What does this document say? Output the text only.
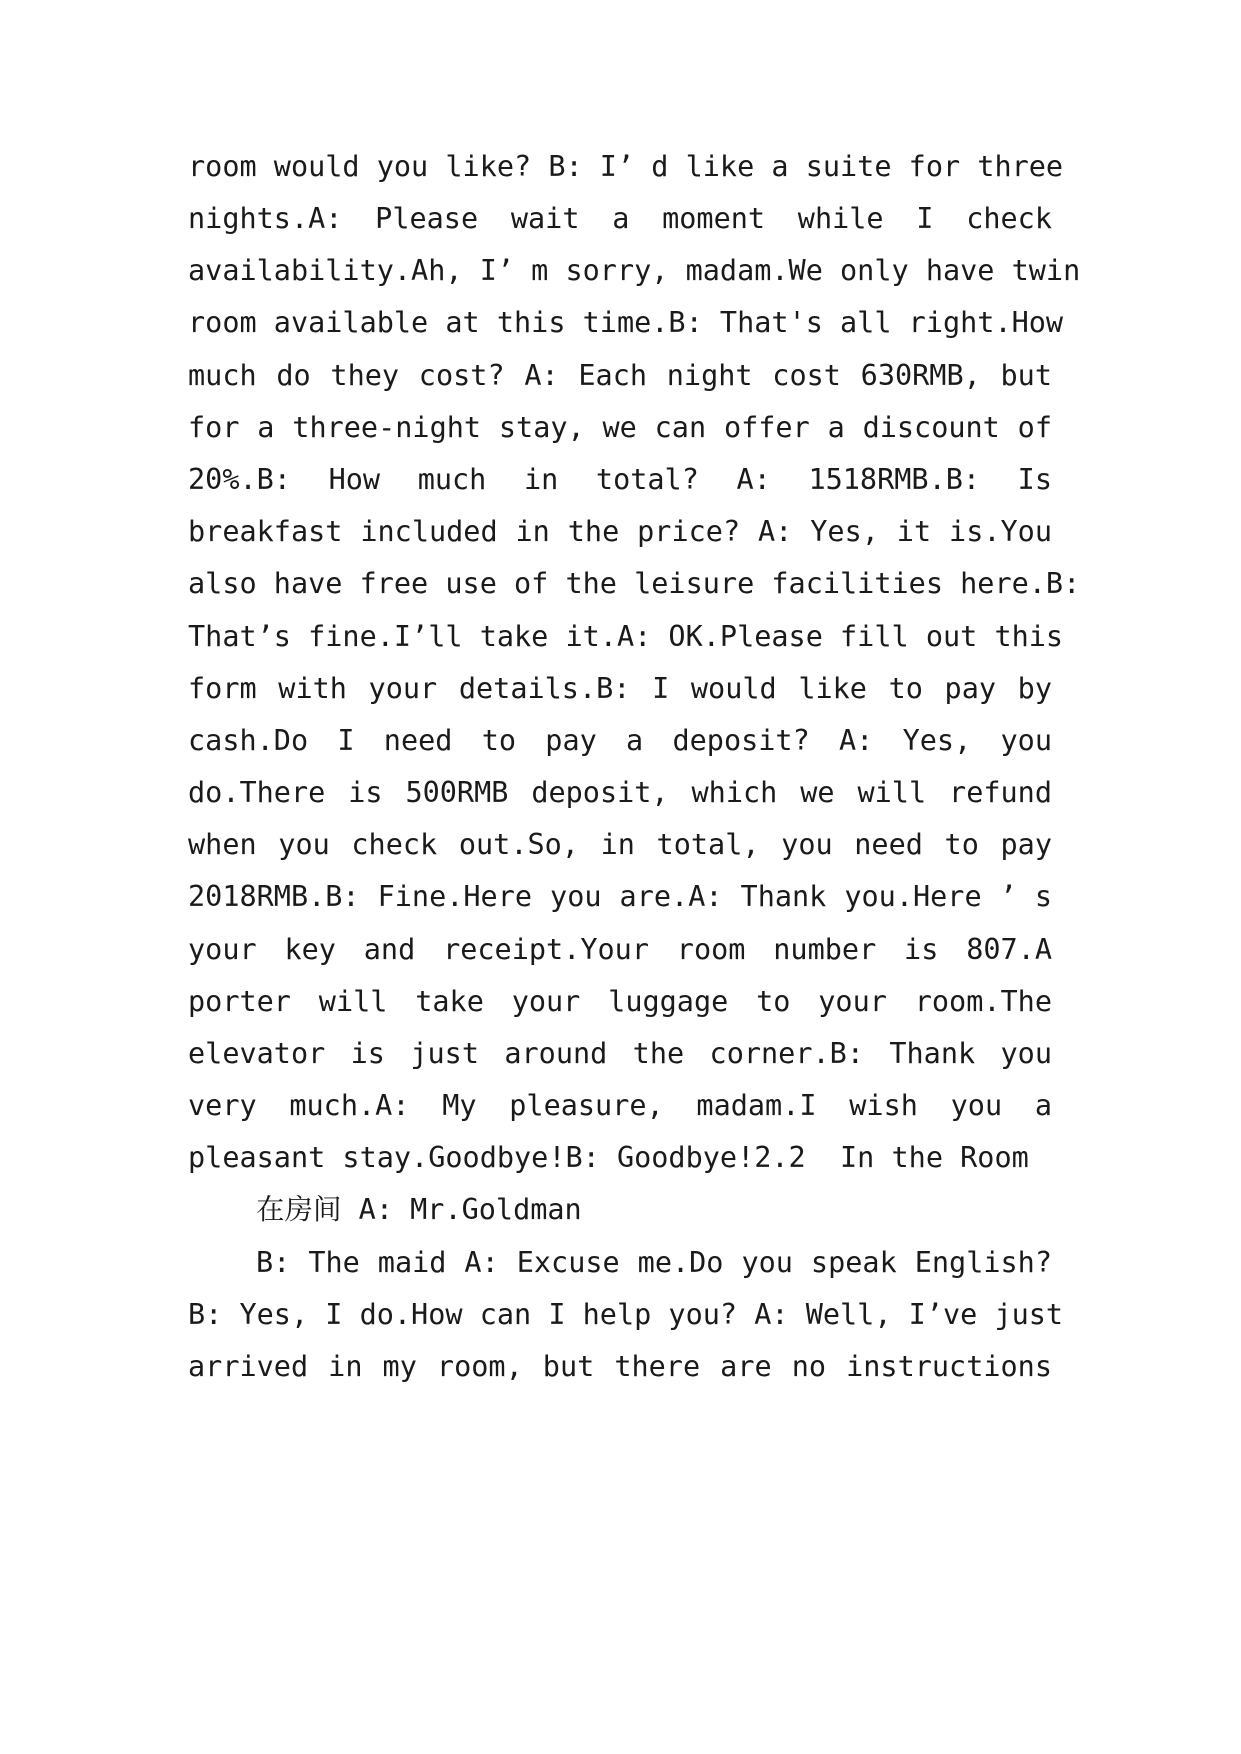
room would you like? B: I’ d like a suite for three
nights.A: Please wait a moment while I check
availability.Ah, I’ m sorry, madam.We only have twin
room available at this time.B: That's all right.How
much do they cost? A: Each night cost 630RMB, but
for a three-night stay, we can offer a discount of
20%.B: How much in total? A: 1518RMB.B: Is
breakfast included in the price? A: Yes, it is.You
also have free use of the leisure facilities here.B:
That’s fine.I’ll take it.A: OK.Please fill out this
form with your details.B: I would like to pay by
cash.Do I need to pay a deposit? A: Yes, you
do.There is 500RMB deposit, which we will refund
when you check out.So, in total, you need to pay
2018RMB.B: Fine.Here you are.A: Thank you.Here ’ s
your key and receipt.Your room number is 807.A
porter will take your luggage to your room.The
elevator is just around the corner.B: Thank you
very much.A: My pleasure, madam.I wish you a
pleasant stay.Goodbye!B: Goodbye!2.2  In the Room
在房间 A: Mr.Goldman
B: The maid A: Excuse me.Do you speak English?
B: Yes, I do.How can I help you? A: Well, I’ve just
arrived in my room, but there are no instructions
